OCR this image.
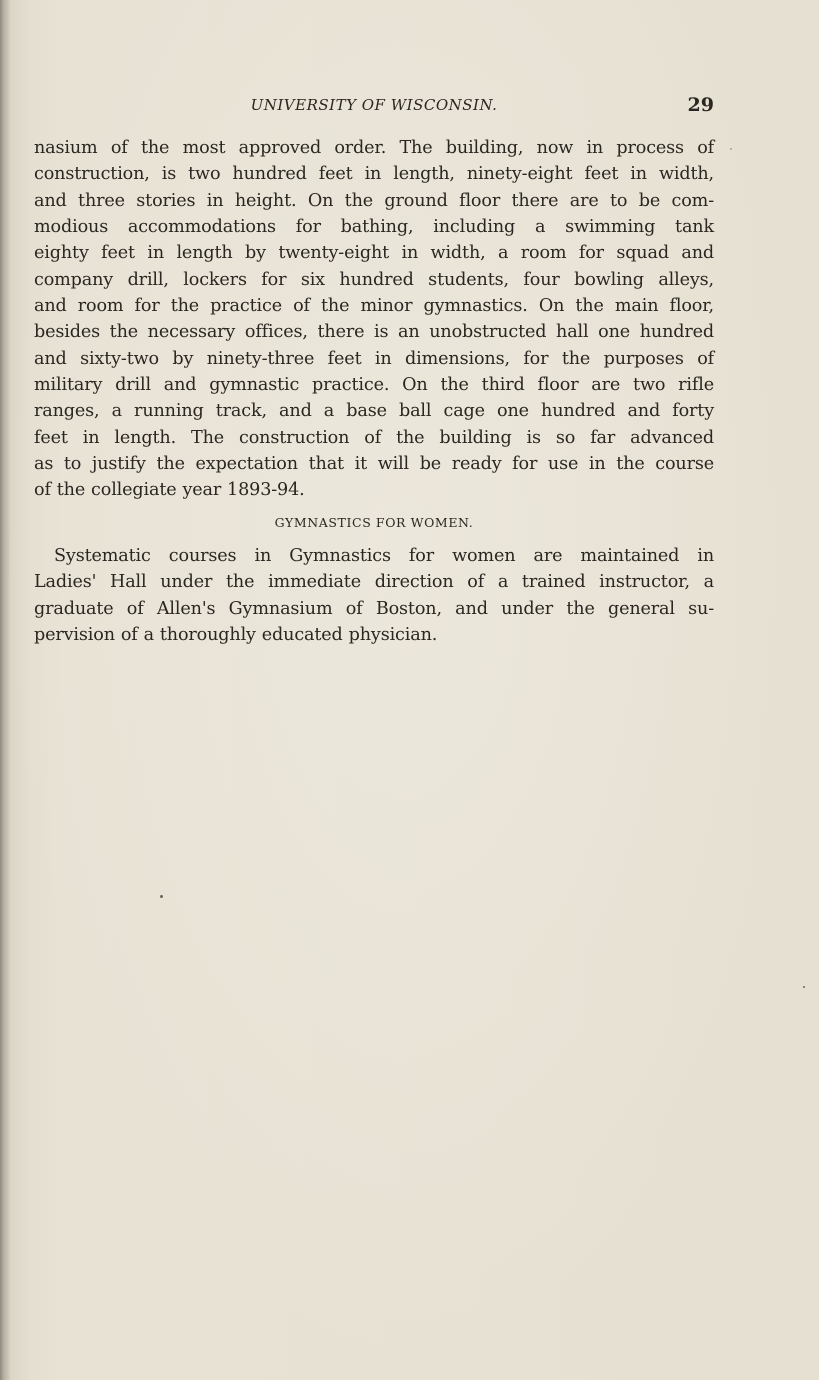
UNIVERSITY OF WISCONSIN.	29
nasium of the most approved order. The building, now in process of
construction, is two hundred feet in length, ninety-eight feet in width,
and three stories in height. On the ground floor there are to be com-
modious accommodations for bathing, including a swimming tank
eighty feet in length by twenty-eight in width, a room for squad and
company drill, lockers for six hundred students, four bowling alleys,
and room for the practice of the minor gymnastics. On the main floor,
besides the necessary offices, there is an unobstructed hall one hundred
and sixty-two by ninety-three feet in dimensions, for the purposes of
military drill and gymnastic practice. On the third floor are two rifle
ranges, a running track, and a base ball cage one hundred and forty
feet in length. The construction of the building is so far advanced
as to justify the expectation that it will be ready for use in the course
of the collegiate year 1893-94.
GYMNASTICS FOR WOMEN.
Systematic courses in Gymnastics for women are maintained in
Ladies' Hall under the immediate direction of a trained instructor, a
graduate of Allen's Gymnasium of Boston, and under the general su-
pervision of a thoroughly educated physician.
